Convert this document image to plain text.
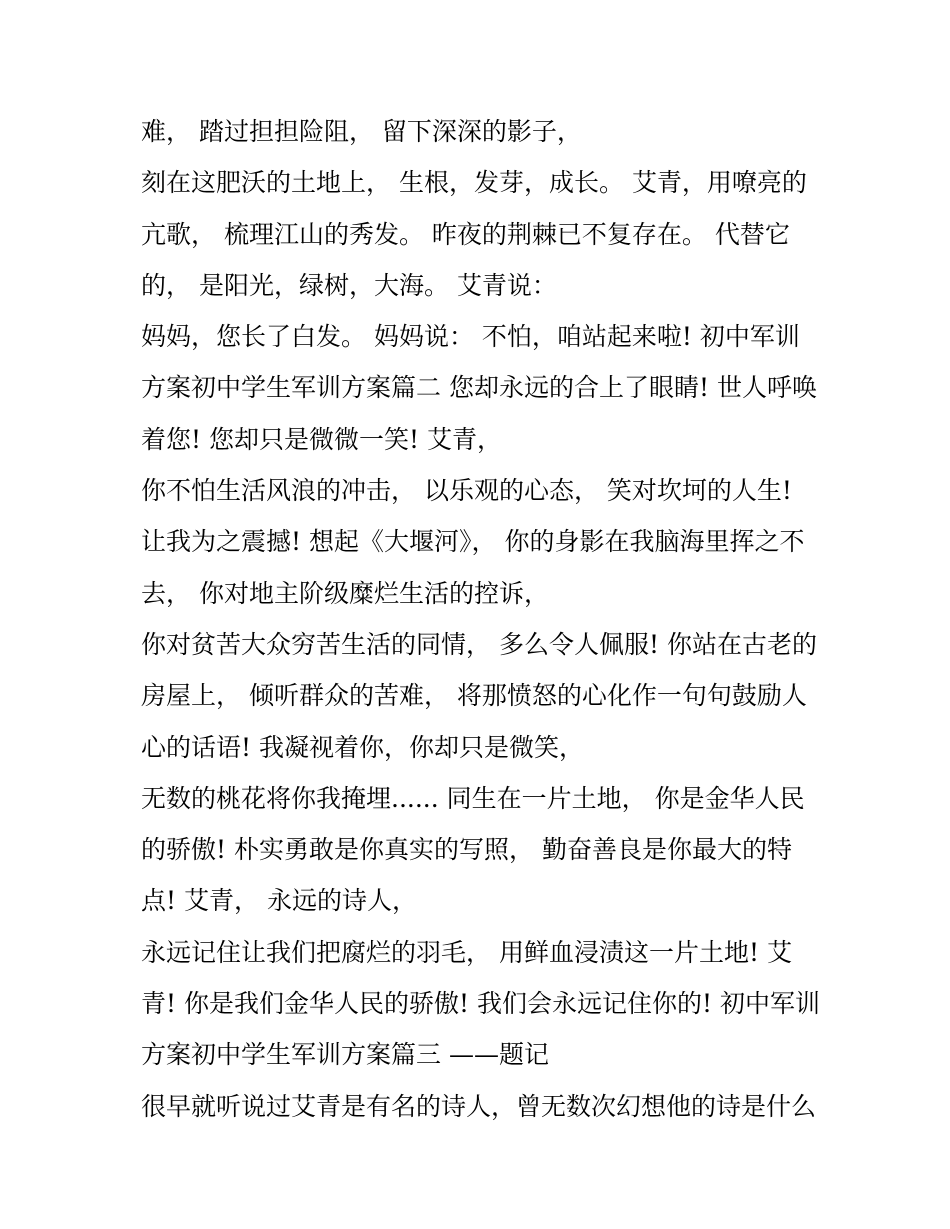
难， 踏过担担险阻， 留下深深的影子，
刻在这肥沃的土地上， 生根，发芽，成长。 艾青，用嘹亮的
亢歌， 梳理江山的秀发。 昨夜的荆棘已不复存在。 代替它
的， 是阳光，绿树，大海。 艾青说：
妈妈，您长了白发。 妈妈说： 不怕，咱站起来啦! 初中军训
方案初中学生军训方案篇二 您却永远的合上了眼睛! 世人呼唤
着您! 您却只是微微一笑! 艾青，
你不怕生活风浪的冲击， 以乐观的心态， 笑对坎坷的人生!
让我为之震撼! 想起《大堰河》， 你的身影在我脑海里挥之不
去， 你对地主阶级糜烂生活的控诉，
你对贫苦大众穷苦生活的同情， 多么令人佩服! 你站在古老的
房屋上， 倾听群众的苦难， 将那愤怒的心化作一句句鼓励人
心的话语! 我凝视着你，你却只是微笑，
无数的桃花将你我掩埋...... 同生在一片土地， 你是金华人民
的骄傲! 朴实勇敢是你真实的写照， 勤奋善良是你最大的特
点! 艾青， 永远的诗人，
永远记住让我们把腐烂的羽毛， 用鲜血浸渍这一片土地! 艾
青! 你是我们金华人民的骄傲! 我们会永远记住你的! 初中军训
方案初中学生军训方案篇三 ——题记
很早就听说过艾青是有名的诗人，曾无数次幻想他的诗是什么
